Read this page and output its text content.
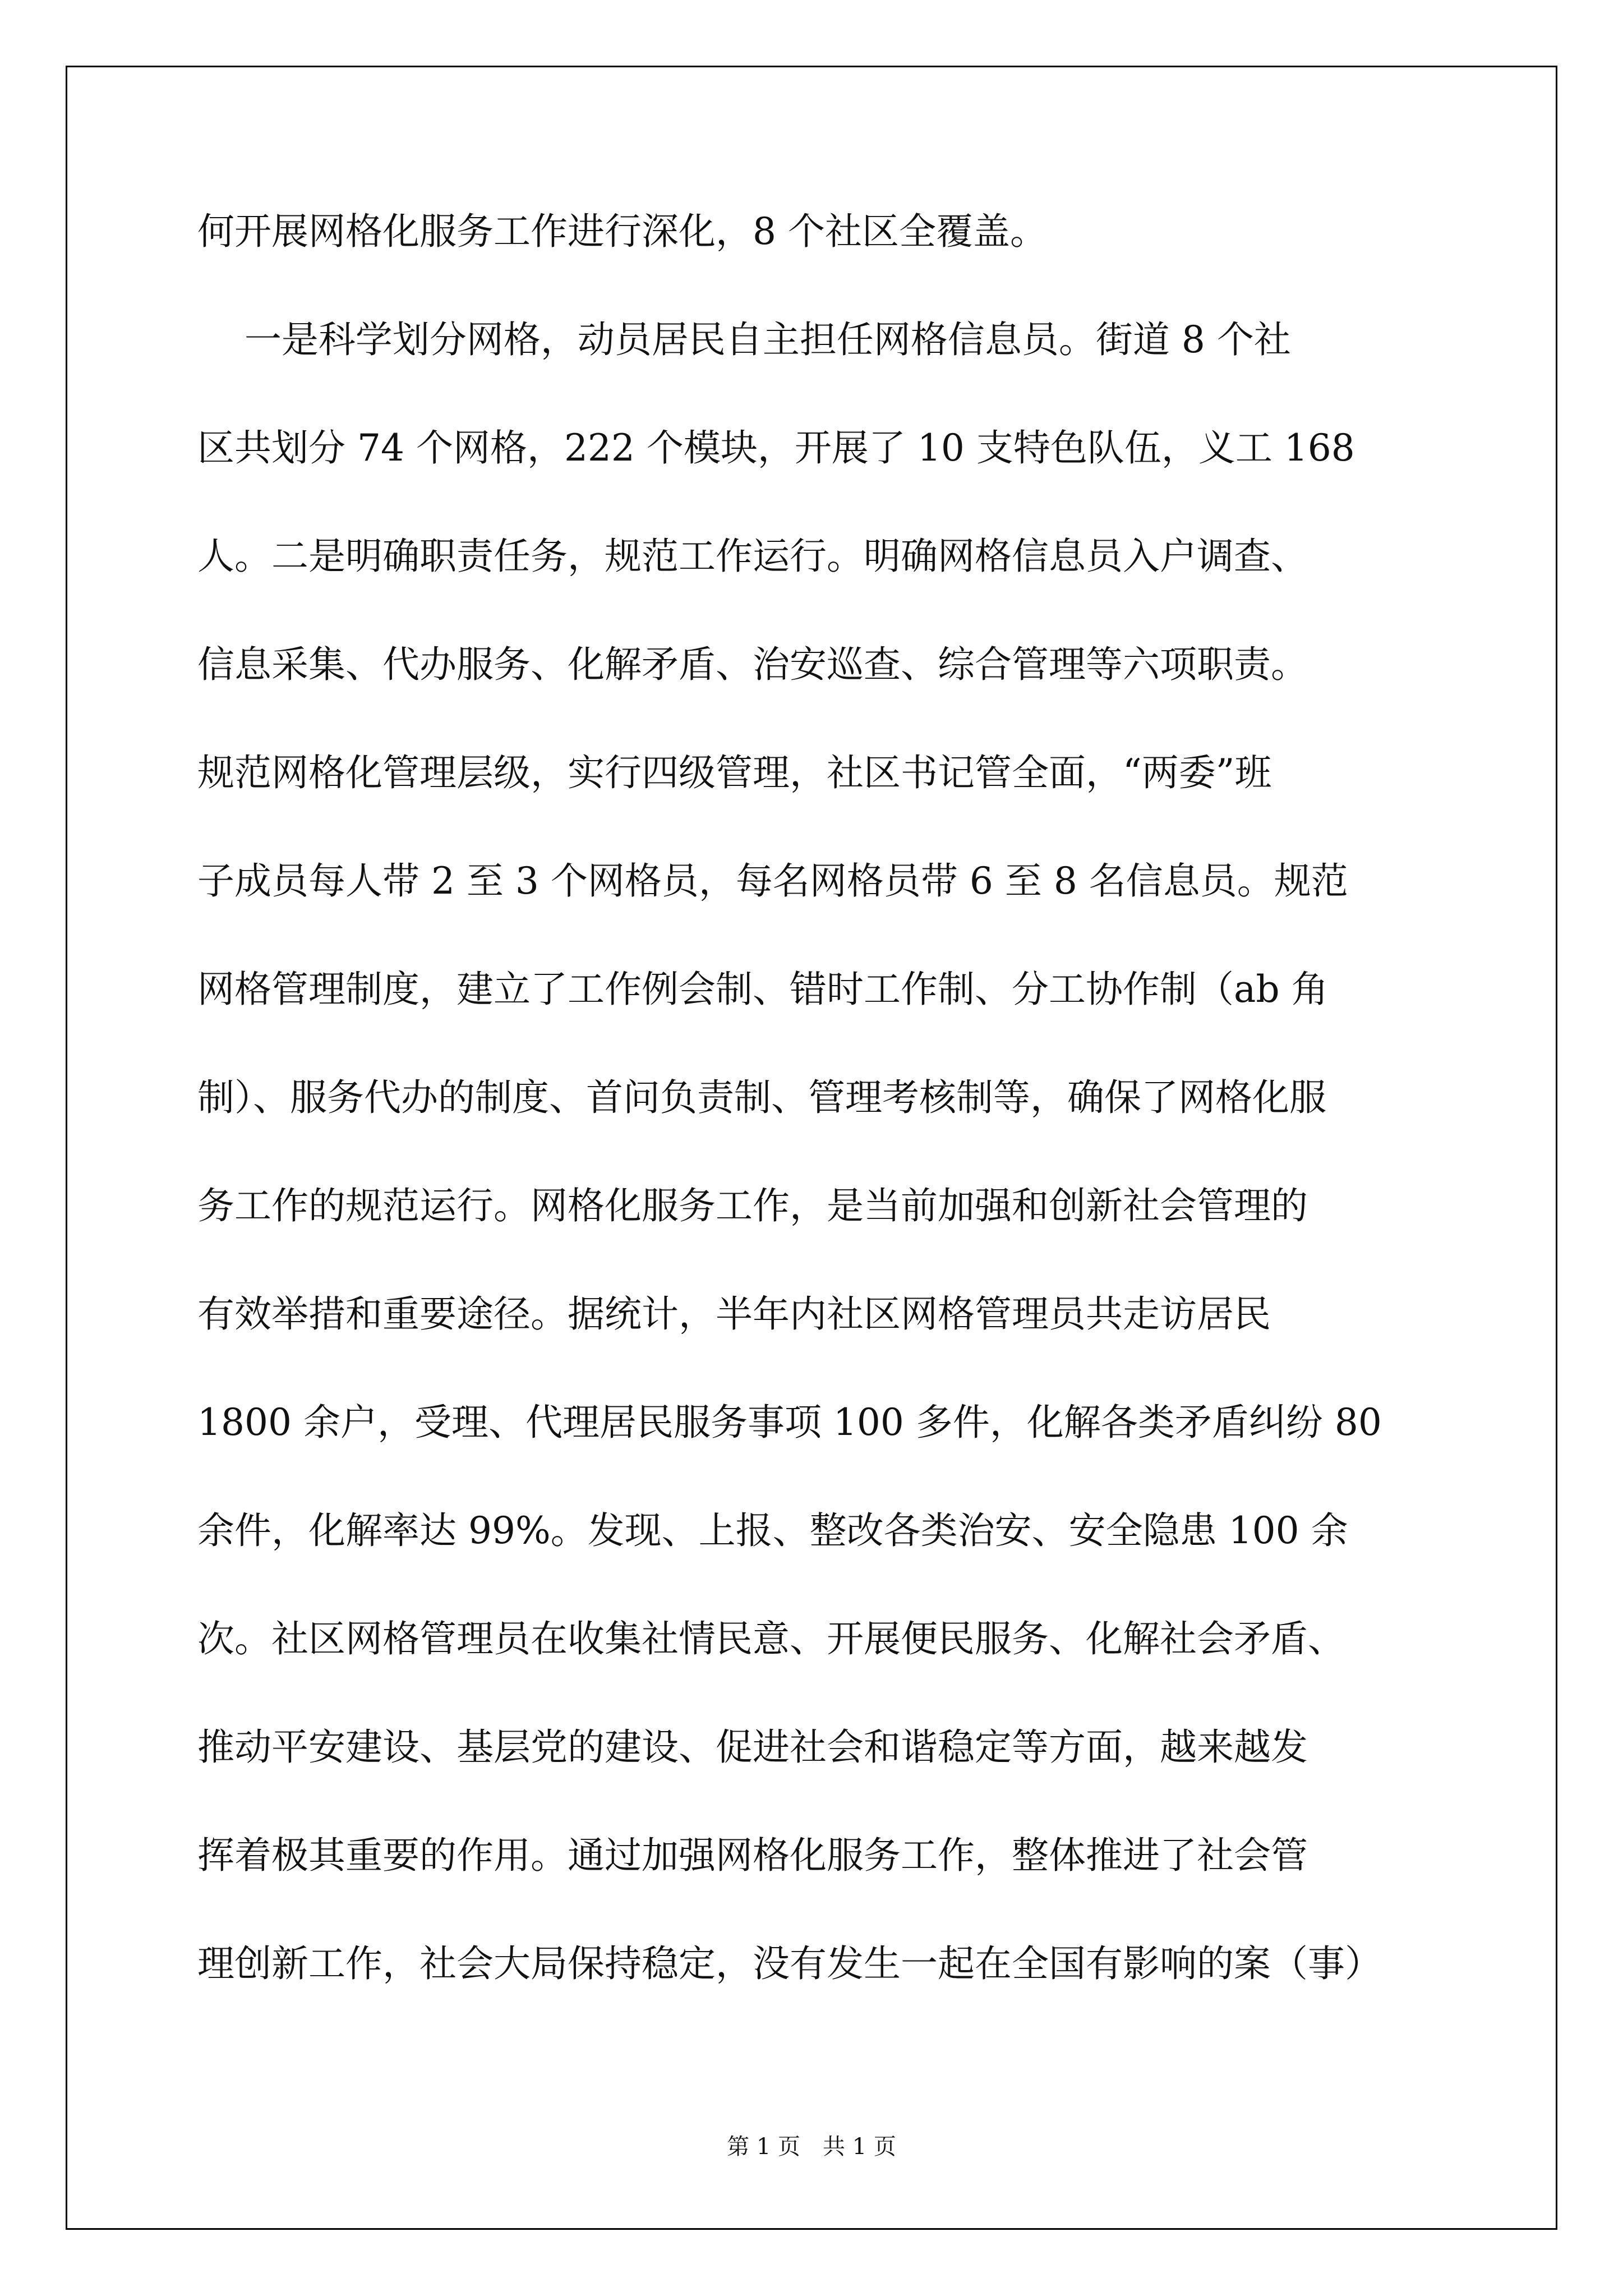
何开展网格化服务工作进行深化，8 个社区全覆盖。
一是科学划分网格，动员居民自主担任网格信息员。街道 8 个社
区共划分 74 个网格，222 个模块，开展了 10 支特色队伍，义工 168
人。二是明确职责任务，规范工作运行。明确网格信息员入户调查、
信息采集、代办服务、化解矛盾、治安巡查、综合管理等六项职责。
规范网格化管理层级，实行四级管理，社区书记管全面，“两委”班
子成员每人带 2 至 3 个网格员，每名网格员带 6 至 8 名信息员。规范
网格管理制度，建立了工作例会制、错时工作制、分工协作制（ab 角
制）、服务代办的制度、首问负责制、管理考核制等，确保了网格化服
务工作的规范运行。网格化服务工作，是当前加强和创新社会管理的
有效举措和重要途径。据统计，半年内社区网格管理员共走访居民
1800 余户，受理、代理居民服务事项 100 多件，化解各类矛盾纠纷 80
余件，化解率达 99%。发现、上报、整改各类治安、安全隐患 100 余
次。社区网格管理员在收集社情民意、开展便民服务、化解社会矛盾、
推动平安建设、基层党的建设、促进社会和谐稳定等方面，越来越发
挥着极其重要的作用。通过加强网格化服务工作，整体推进了社会管
理创新工作，社会大局保持稳定，没有发生一起在全国有影响的案（事）
第 1 页　共 1 页
